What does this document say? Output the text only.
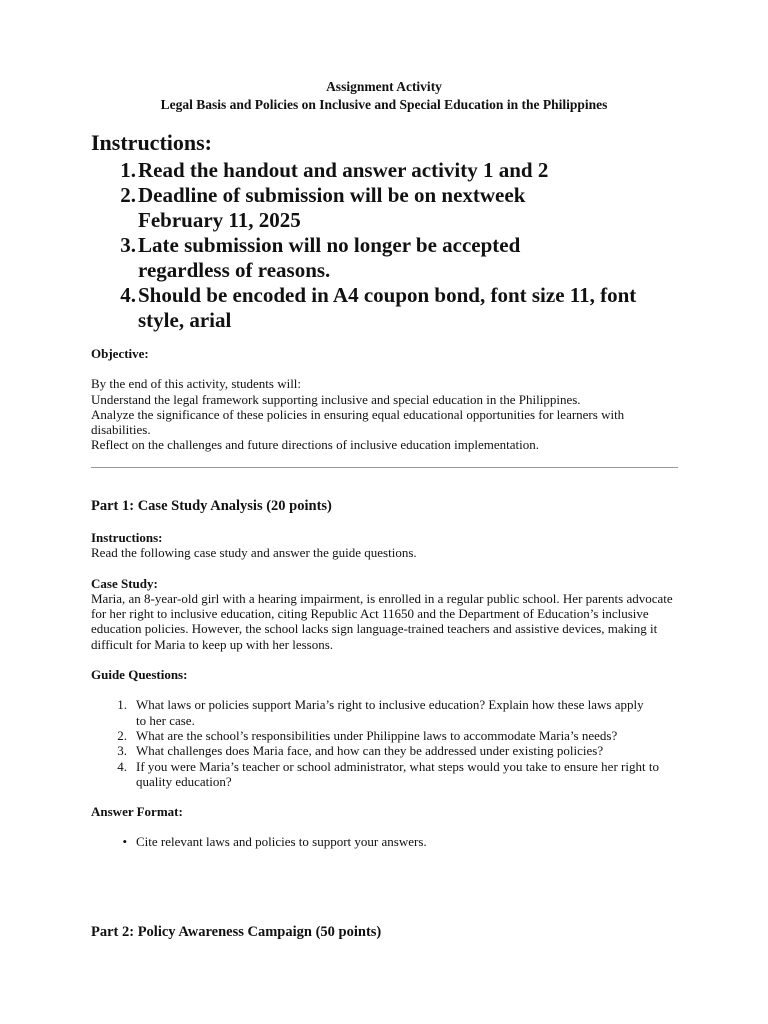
Assignment Activity
Legal Basis and Policies on Inclusive and Special Education in the Philippines
Instructions:
1. Read the handout and answer activity 1 and 2
2. Deadline of submission will be on nextweek February 11, 2025
3. Late submission will no longer be accepted regardless of reasons.
4. Should be encoded in A4 coupon bond, font size 11, font style, arial
Objective:
By the end of this activity, students will:
Understand the legal framework supporting inclusive and special education in the Philippines.
Analyze the significance of these policies in ensuring equal educational opportunities for learners with disabilities.
Reflect on the challenges and future directions of inclusive education implementation.
Part 1: Case Study Analysis (20 points)
Instructions:
Read the following case study and answer the guide questions.
Case Study:
Maria, an 8-year-old girl with a hearing impairment, is enrolled in a regular public school. Her parents advocate for her right to inclusive education, citing Republic Act 11650 and the Department of Education’s inclusive education policies. However, the school lacks sign language-trained teachers and assistive devices, making it difficult for Maria to keep up with her lessons.
Guide Questions:
1. What laws or policies support Maria’s right to inclusive education? Explain how these laws apply to her case.
2. What are the school’s responsibilities under Philippine laws to accommodate Maria’s needs?
3. What challenges does Maria face, and how can they be addressed under existing policies?
4. If you were Maria’s teacher or school administrator, what steps would you take to ensure her right to quality education?
Answer Format:
• Cite relevant laws and policies to support your answers.
Part 2: Policy Awareness Campaign (50 points)
